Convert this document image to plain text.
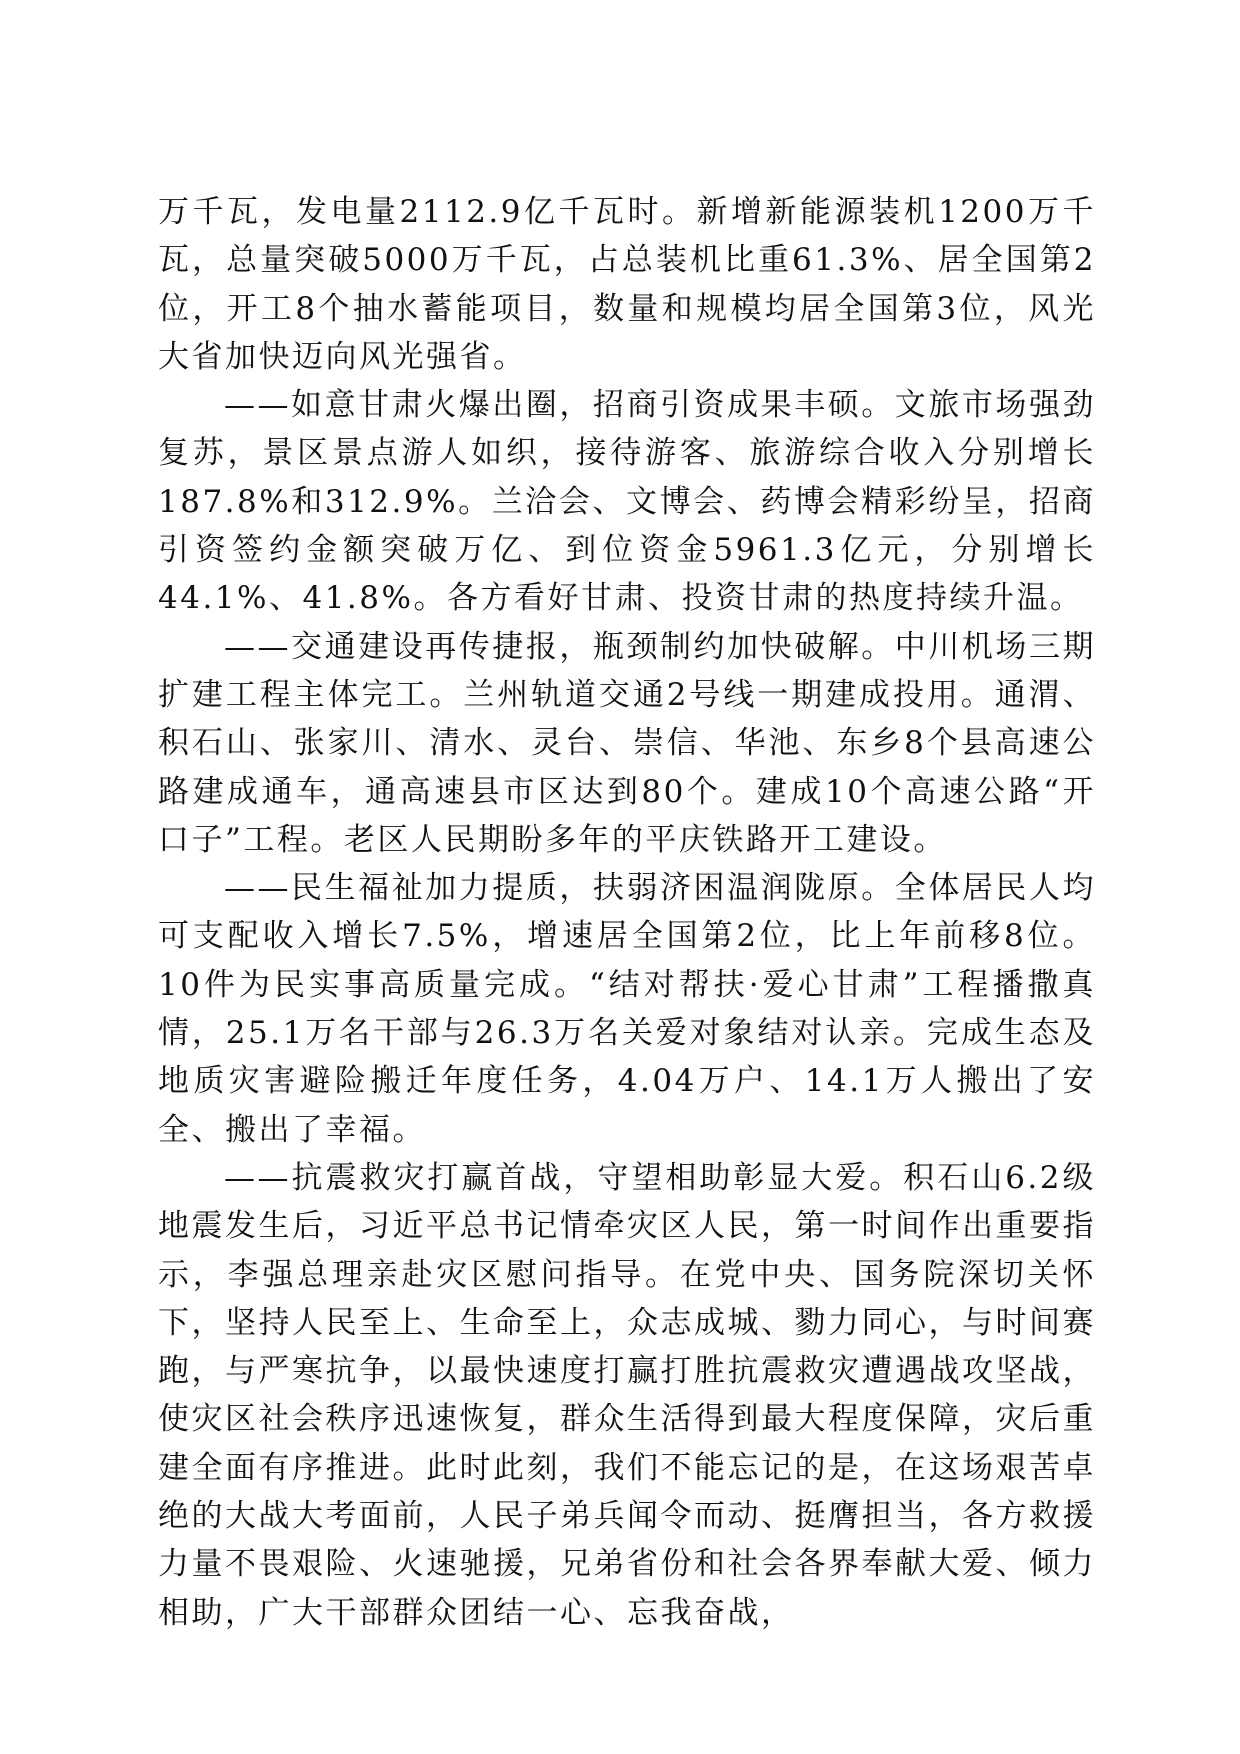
万千瓦，发电量2112.9亿千瓦时。新增新能源装机1200万千瓦，总量突破5000万千瓦，占总装机比重61.3%、居全国第2位，开工8个抽水蓄能项目，数量和规模均居全国第3位，风光大省加快迈向风光强省。

——如意甘肃火爆出圈，招商引资成果丰硕。文旅市场强劲复苏，景区景点游人如织，接待游客、旅游综合收入分别增长187.8%和312.9%。兰洽会、文博会、药博会精彩纷呈，招商引资签约金额突破万亿、到位资金5961.3亿元，分别增长44.1%、41.8%。各方看好甘肃、投资甘肃的热度持续升温。

——交通建设再传捷报，瓶颈制约加快破解。中川机场三期扩建工程主体完工。兰州轨道交通2号线一期建成投用。通渭、积石山、张家川、清水、灵台、崇信、华池、东乡8个县高速公路建成通车，通高速县市区达到80个。建成10个高速公路“开口子”工程。老区人民期盼多年的平庆铁路开工建设。

——民生福祉加力提质，扶弱济困温润陇原。全体居民人均可支配收入增长7.5%，增速居全国第2位，比上年前移8位。10件为民实事高质量完成。“结对帮扶·爱心甘肃”工程播撒真情，25.1万名干部与26.3万名关爱对象结对认亲。完成生态及地质灾害避险搬迁年度任务，4.04万户、14.1万人搬出了安全、搬出了幸福。

——抗震救灾打赢首战，守望相助彰显大爱。积石山6.2级地震发生后，习近平总书记情牵灾区人民，第一时间作出重要指示，李强总理亲赴灾区慰问指导。在党中央、国务院深切关怀下，坚持人民至上、生命至上，众志成城、勠力同心，与时间赛跑，与严寒抗争，以最快速度打赢打胜抗震救灾遭遇战攻坚战，使灾区社会秩序迅速恢复，群众生活得到最大程度保障，灾后重建全面有序推进。此时此刻，我们不能忘记的是，在这场艰苦卓绝的大战大考面前，人民子弟兵闻令而动、挺膺担当，各方救援力量不畏艰险、火速驰援，兄弟省份和社会各界奉献大爱、倾力相助，广大干部群众团结一心、忘我奋战，
